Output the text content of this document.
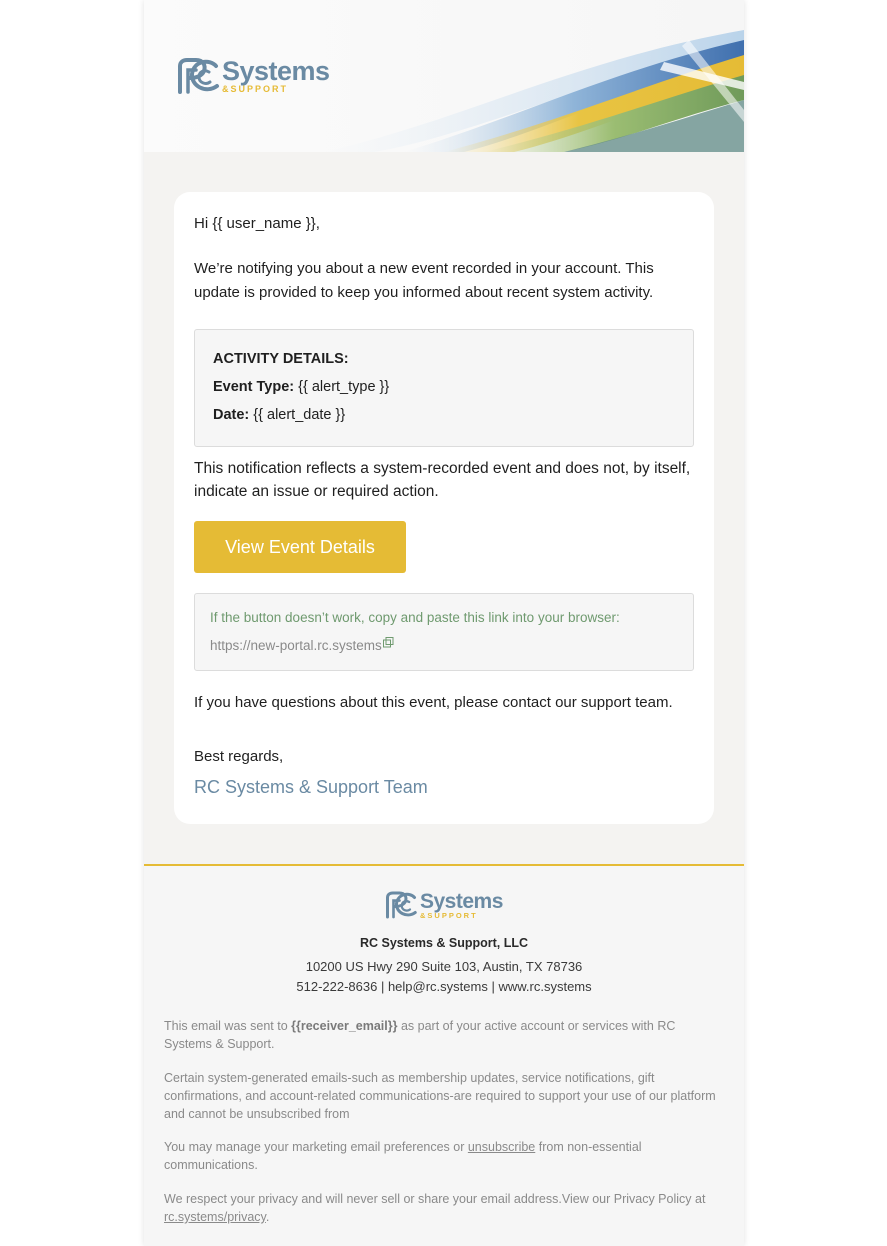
Systems
&SUPPORT
Hi {{ user_name }},
We’re notifying you about a new event recorded in your account. This update is provided to keep you informed about recent system activity.
ACTIVITY DETAILS:
Event Type: {{ alert_type }}
Date: {{ alert_date }}
This notification reflects a system-recorded event and does not, by itself, indicate an issue or required action.
View Event Details
If the button doesn’t work, copy and paste this link into your browser:
https://new-portal.rc.systems
If you have questions about this event, please contact our support team.
Best regards,
RC Systems & Support Team
Systems
&SUPPORT
RC Systems & Support, LLC
10200 US Hwy 290 Suite 103, Austin, TX 78736
512-222-8636 | help@rc.systems | www.rc.systems
This email was sent to {{receiver_email}} as part of your active account or services with RC Systems & Support.
Certain system-generated emails-such as membership updates, service notifications, gift confirmations, and account-related communications-are required to support your use of our platform and cannot be unsubscribed from
You may manage your marketing email preferences or unsubscribe from non-essential communications.
We respect your privacy and will never sell or share your email address.View our Privacy Policy at rc.systems/privacy.
